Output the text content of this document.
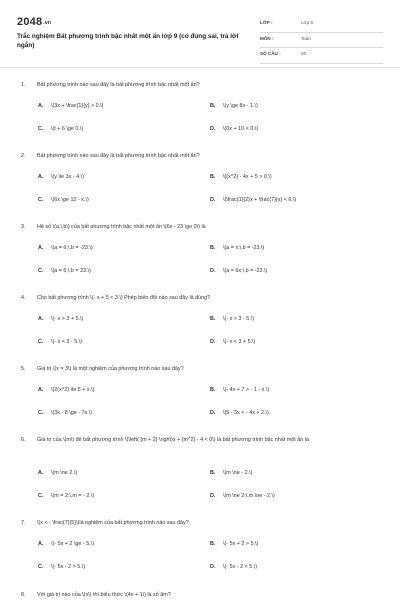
$2048^{.vn}$
Trắc nghiệm Bất phương trình bậc nhất một ẩn lớp 9 (có đúng sai, trả lời ngắn)
LỚP :	Lớp 9
MÔN :	Toán
SỐ CÂU :	20
1. Bất phương trình nào sau đây là bất phương trình bậc nhất một ẩn?
A. \(3x + \frac{1}{y} > 0.\)	B. \(y \ge 8x - 1.\)
C. \(t + 6 \ge 0.\)	D. \(0x + 10 < 0.\)
2. Bất phương trình nào sau đây là bất phương trình bậc nhất một ẩn?
A. \(y \le 3x - 4.\)	B. \((x^2) - 4x + 5 > 0.\)
C. \(6x \ge 12 - x.\)	D. \(\frac{1}{2}x + \frac{7}{x} < 6.\)
3. Hệ số \(a,\,b\) của bất phương trình bậc nhất một ẩn \(6x - 23 \ge 0\) là
A. \(a = 6;\,b = -23.\)	B. \(a = x;\,b = -23.\)
C. \(a = 6;\,b = 23.\)	D. \(a = 6x;\,b = -23.\)
4. Cho bất phương trình \(- x + 5 < 3.\) Phép biến đổi nào sau đây là đúng?
A. \(- x > 3 + 5.\)	B. \(- x > 3 - 5.\)
C. \(- x < 3 - 5.\)	D. \(- x < 3 + 5.\)
5. Giá trị \(x = 3\) là một nghiệm của phương trình nào sau đây?
A. \(2(x^2) \le 5 + x.\)	B. \(- 4x + 7 > - 1 - x.\)
C. \(3x - 8 \ge - 7x.\)	D. \(5 - 3x < - 4x + 2.\)
6. Giá trị của \(m\) để bất phương trình \(\left( {m + 2} \right)x + {m^2} - 4 < 0\) là bất phương trình bậc nhất một ẩn là
A. \(m \ne 2.\)	B. \(m \ne - 2.\)
C. \(m = 2;\,m = - 2.\)	D. \(m \ne 2;\,m \ne - 2.\)
7. \(x < - \frac{7}{5}\)là nghiệm của bất phương trình nào sau đây?
A. \(- 5x + 2 \ge - 5.\)	B. \(- 5x + 2 > 5.\)
C. \(- 5x - 2 > 5.\)	D. \(- 5x - 2 < 5.\)
8. Với giá trị nào của \(x\) thì biểu thức \(4x + 1\) là số âm?
